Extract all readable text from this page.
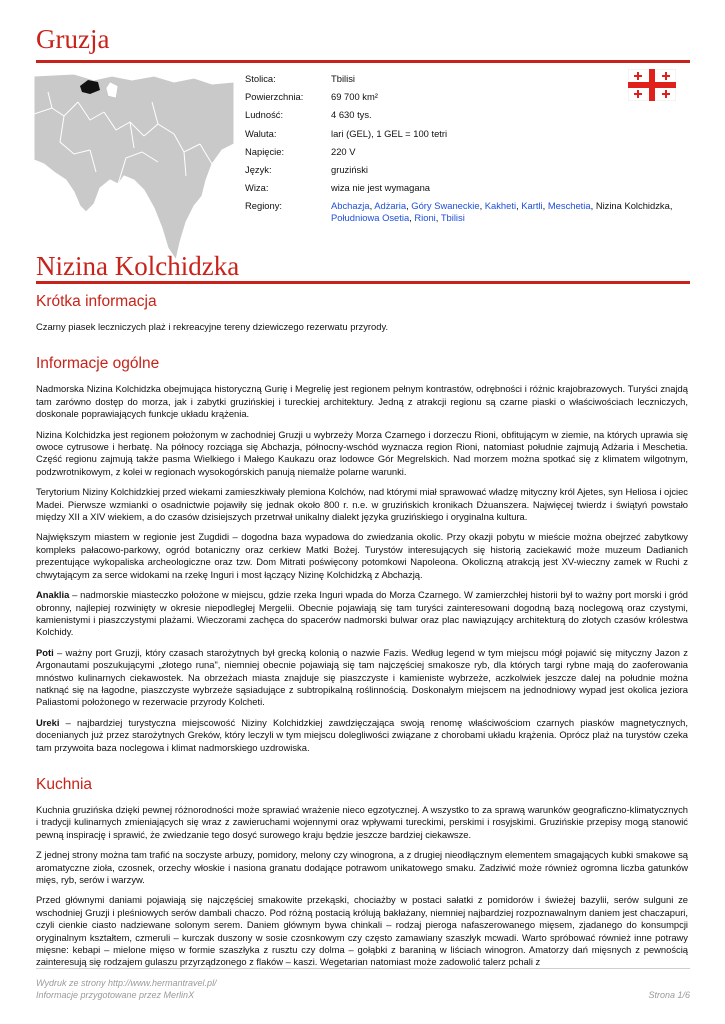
Gruzja
Stolica:	Tbilisi
Powierzchnia:	69 700 km²
Ludność:	4 630 tys.
Waluta:	lari (GEL), 1 GEL = 100 tetri
Napięcie:	220 V
Język:	gruziński
Wiza:	wiza nie jest wymagana
Regiony:	Abchazja, Adżaria, Góry Swaneckie, Kakheti, Kartli, Meschetia, Nizina Kolchidzka, Południowa Osetia, Rioni, Tbilisi
Nizina Kolchidzka
Krótka informacja

Czarny piasek leczniczych plaż i rekreacyjne tereny dziewiczego rezerwatu przyrody.

Informacje ogólne

Nadmorska Nizina Kolchidzka obejmująca historyczną Gurię i Megrelię jest regionem pełnym kontrastów, odrębności i różnic krajobrazowych. Turyści znajdą tam zarówno dostęp do morza, jak i zabytki gruzińskiej i tureckiej architektury. Jedną z atrakcji regionu są czarne piaski o właściwościach leczniczych, doskonale poprawiających funkcje układu krążenia.

Nizina Kolchidzka jest regionem położonym w zachodniej Gruzji u wybrzeży Morza Czarnego i dorzeczu Rioni, obfitującym w ziemie, na których uprawia się owoce cytrusowe i herbatę. Na północy rozciąga się Abchazja, północny-wschód wyznacza region Rioni, natomiast południe zajmują Adżaria i Meschetia. Część regionu zajmują także pasma Wielkiego i Małego Kaukazu oraz lodowce Gór Megrelskich. Nad morzem można spotkać się z klimatem wilgotnym, podzwrotnikowym, z kolei w regionach wysokogórskich panują niemalże polarne warunki.

Terytorium Niziny Kolchidzkiej przed wiekami zamieszkiwały plemiona Kolchów, nad którymi miał sprawować władzę mityczny król Ajetes, syn Heliosa i ojciec Madei. Pierwsze wzmianki o osadnictwie pojawiły się jednak około 800 r. n.e. w gruzińskich kronikach Dżuanszera. Najwięcej twierdz i świątyń powstało między XII a XIV wiekiem, a do czasów dzisiejszych przetrwał unikalny dialekt języka gruzińskiego i oryginalna kultura.

Największym miastem w regionie jest Zugdidi – dogodna baza wypadowa do zwiedzania okolic. Przy okazji pobytu w mieście można obejrzeć zabytkowy kompleks pałacowo-parkowy, ogród botaniczny oraz cerkiew Matki Bożej. Turystów interesujących się historią zaciekawić może muzeum Dadianich prezentujące wykopaliska archeologiczne oraz tzw. Dom Mitrati poświęcony potomkowi Napoleona. Okoliczną atrakcją jest XV-wieczny zamek w Ruchi z chwytającym za serce widokami na rzekę Inguri i most łączący Nizinę Kolchidzką z Abchazją.

Anaklia – nadmorskie miasteczko położone w miejscu, gdzie rzeka Inguri wpada do Morza Czarnego. W zamierzchłej historii był to ważny port morski i gród obronny, najlepiej rozwinięty w okresie niepodległej Mergelii. Obecnie pojawiają się tam turyści zainteresowani dogodną bazą noclegową oraz czystymi, kamienistymi i piaszczystymi plażami. Wieczorami zachęca do spacerów nadmorski bulwar oraz plac nawiązujący architekturą do złotych czasów królestwa Kolchidy.

Poti – ważny port Gruzji, który czasach starożytnych był grecką kolonią o nazwie Fazis. Według legend w tym miejscu mógł pojawić się mityczny Jazon z Argonautami poszukującymi „złotego runa", niemniej obecnie pojawiają się tam najczęściej smakosze ryb, dla których targi rybne mają do zaoferowania mnóstwo kulinarnych ciekawostek. Na obrzeżach miasta znajduje się piaszczyste i kamieniste wybrzeże, aczkolwiek jeszcze dalej na południe można natknąć się na łagodne, piaszczyste wybrzeże sąsiadujące z subtropikalną roślinnością. Doskonałym miejscem na jednodniowy wypad jest okolica jeziora Paliastomi położonego w rezerwacie przyrody Kolcheti.

Ureki – najbardziej turystyczna miejscowość Niziny Kolchidzkiej zawdzięczająca swoją renomę właściwościom czarnych piasków magnetycznych, docenianych już przez starożytnych Greków, który leczyli w tym miejscu dolegliwości związane z chorobami układu krążenia. Oprócz plaż na turystów czeka tam przywoita baza noclegowa i klimat nadmorskiego uzdrowiska.

Kuchnia

Kuchnia gruzińska dzięki pewnej różnorodności może sprawiać wrażenie nieco egzotycznej. A wszystko to za sprawą warunków geograficzno-klimatycznych i tradycji kulinarnych zmieniających się wraz z zawieruchami wojennymi oraz wpływami tureckimi, perskimi i rosyjskimi. Gruzińskie przepisy mogą stanowić pewną inspirację i sprawić, że zwiedzanie tego dosyć surowego kraju będzie jeszcze bardziej ciekawsze.

Z jednej strony można tam trafić na soczyste arbuzy, pomidory, melony czy winogrona, a z drugiej nieodłącznym elementem smagających kubki smakowe są aromatyczne zioła, czosnek, orzechy włoskie i nasiona granatu dodające potrawom unikatowego smaku. Zadziwić może również ogromna liczba gatunków mięs, ryb, serów i warzyw.

Przed głównymi daniami pojawiają się najczęściej smakowite przekąski, chociażby w postaci sałatki z pomidorów i świeżej bazylii, serów sulguni ze wschodniej Gruzji i pleśniowych serów dambali chaczo. Pod różną postacią królują bakłażany, niemniej najbardziej rozpoznawalnym daniem jest chaczapuri, czyli cienkie ciasto nadziewane solonym serem. Daniem głównym bywa chinkali – rodzaj pieroga nafaszerowanego mięsem, zjadanego do konsumpcji oryginalnym kształtem, czmeruli – kurczak duszony w sosie czosnkowym czy często zamawiany szaszłyk mcwadi. Warto spróbować również inne potrawy mięsne: kebapi – mielone mięso w formie szaszłyka z rusztu czy dolma – gołąbki z baraniną w liściach winogron. Amatorzy dań mięsnych z pewnością zainteresują się rodzajem gulaszu przyrządzonego z flaków – kaszi. Wegetarian natomiast może zadowolić talerz pchali z

Wydruk ze strony http://www.hermantravel.pl/
Informacje przygotowane przez MerlinX	Strona 1/6
